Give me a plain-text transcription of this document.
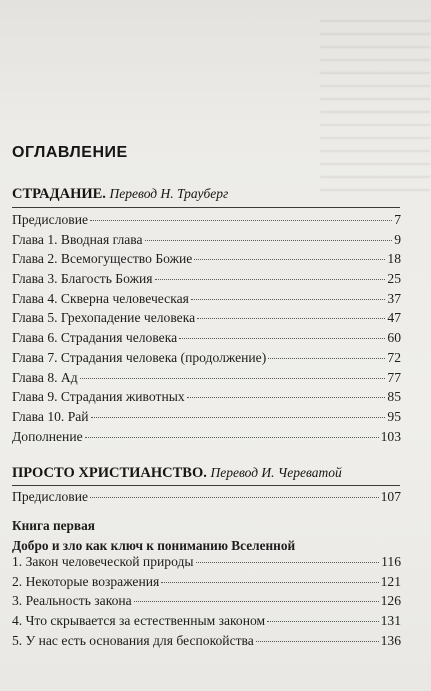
ОГЛАВЛЕНИЕ
СТРАДАНИЕ. Перевод Н. Трауберг
Предисловие	7
Глава 1. Вводная глава	9
Глава 2. Всемогущество Божие	18
Глава 3. Благость Божия	25
Глава 4. Скверна человеческая	37
Глава 5. Грехопадение человека	47
Глава 6. Страдания человека	60
Глава 7. Страдания человека (продолжение)	72
Глава 8. Ад	77
Глава 9. Страдания животных	85
Глава 10. Рай	95
Дополнение	103
ПРОСТО ХРИСТИАНСТВО. Перевод И. Череватой
Предисловие	107
Книга первая
Добро и зло как ключ к пониманию Вселенной
1. Закон человеческой природы	116
2. Некоторые возражения	121
3. Реальность закона	126
4. Что скрывается за естественным законом	131
5. У нас есть основания для беспокойства	136
